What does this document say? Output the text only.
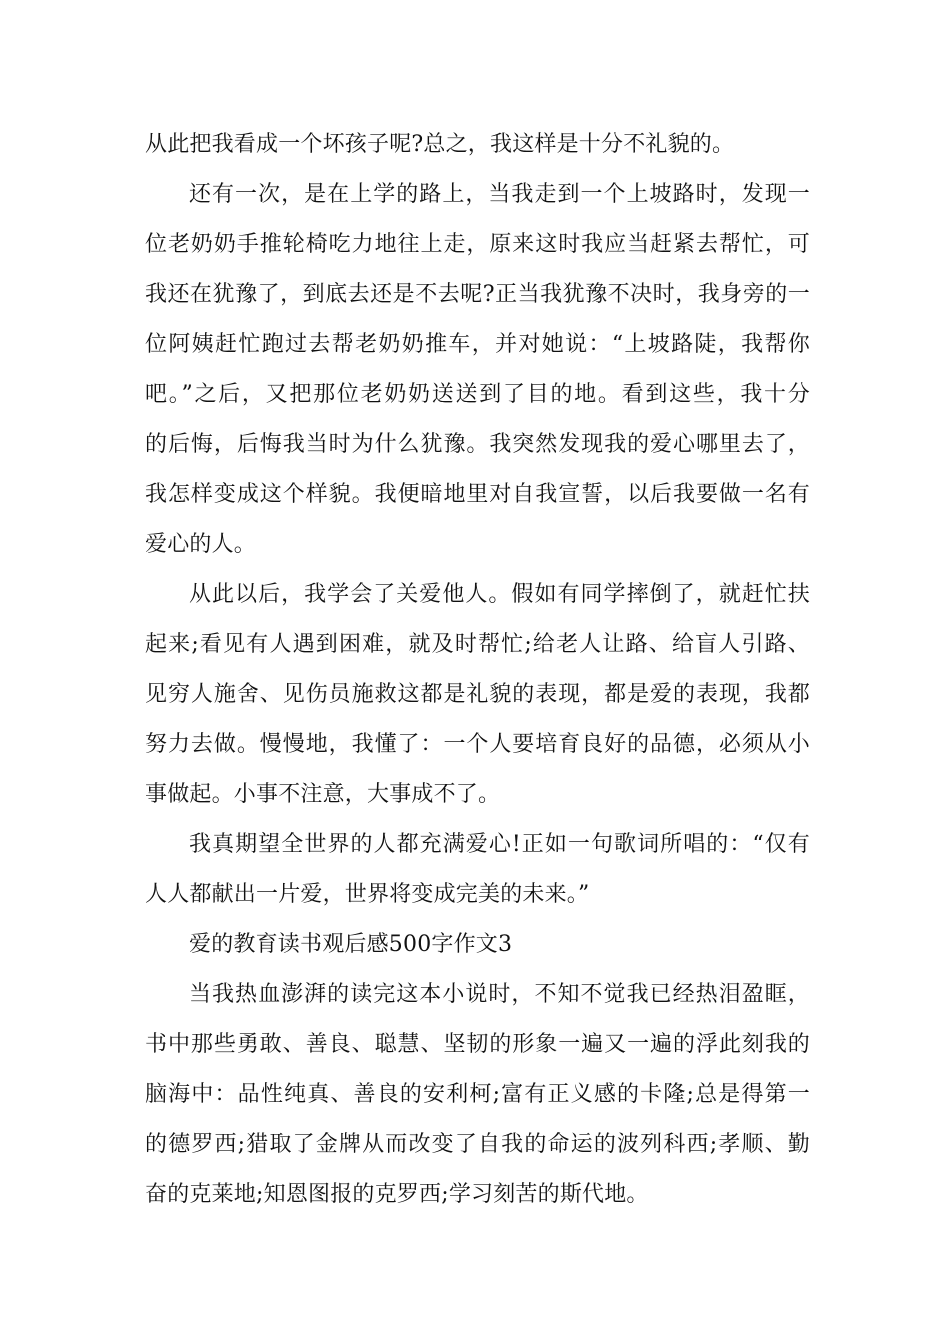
从此把我看成一个坏孩子呢?总之，我这样是十分不礼貌的。
还有一次，是在上学的路上，当我走到一个上坡路时，发现一
位老奶奶手推轮椅吃力地往上走，原来这时我应当赶紧去帮忙，可
我还在犹豫了，到底去还是不去呢?正当我犹豫不决时，我身旁的一
位阿姨赶忙跑过去帮老奶奶推车，并对她说：“上坡路陡，我帮你
吧。”之后，又把那位老奶奶送送到了目的地。看到这些，我十分
的后悔，后悔我当时为什么犹豫。我突然发现我的爱心哪里去了，
我怎样变成这个样貌。我便暗地里对自我宣誓，以后我要做一名有
爱心的人。
从此以后，我学会了关爱他人。假如有同学摔倒了，就赶忙扶
起来;看见有人遇到困难，就及时帮忙;给老人让路、给盲人引路、
见穷人施舍、见伤员施救这都是礼貌的表现，都是爱的表现，我都
努力去做。慢慢地，我懂了：一个人要培育良好的品德，必须从小
事做起。小事不注意，大事成不了。
我真期望全世界的人都充满爱心!正如一句歌词所唱的：“仅有
人人都献出一片爱，世界将变成完美的未来。”
爱的教育读书观后感500字作文3
当我热血澎湃的读完这本小说时，不知不觉我已经热泪盈眶，
书中那些勇敢、善良、聪慧、坚韧的形象一遍又一遍的浮此刻我的
脑海中：品性纯真、善良的安利柯;富有正义感的卡隆;总是得第一
的德罗西;猎取了金牌从而改变了自我的命运的波列科西;孝顺、勤
奋的克莱地;知恩图报的克罗西;学习刻苦的斯代地。
